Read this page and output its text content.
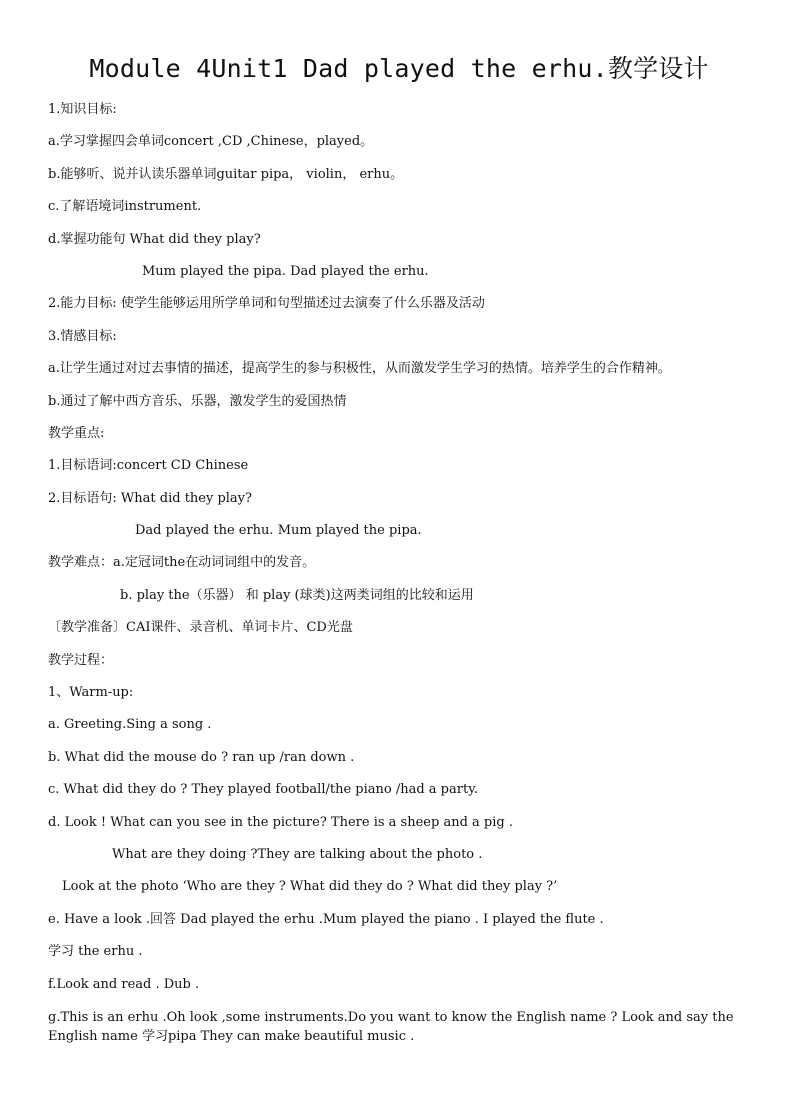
Module 4Unit1 Dad played the erhu.教学设计
1.知识目标:
a.学习掌握四会单词concert ,CD ,Chinese，played。
b.能够听、说并认读乐器单词guitar pipa， violin， erhu。
c.了解语境词instrument.
d.掌握功能句 What did they play?
Mum played the pipa. Dad played the erhu.
2.能力目标: 使学生能够运用所学单词和句型描述过去演奏了什么乐器及活动
3.情感目标:
a.让学生通过对过去事情的描述，提高学生的参与积极性，从而激发学生学习的热情。培养学生的合作精神。
b.通过了解中西方音乐、乐器，激发学生的爱国热情
教学重点:
1.目标语词:concert CD Chinese
2.目标语句: What did they play?
Dad played the erhu. Mum played the pipa.
教学难点：a.定冠词the在动词词组中的发音。
b. play the（乐器） 和 play (球类)这两类词组的比较和运用
〔教学准备〕CAI课件、录音机、单词卡片、CD光盘
教学过程：
1、Warm-up:
a. Greeting.Sing a song .
b. What did the mouse do ? ran up /ran down .
c. What did they do ? They played football/the piano /had a party.
d. Look ! What can you see in the picture? There is a sheep and a pig .
What are they doing ?They are talking about the photo .
Look at the photo ‘Who are they ? What did they do ? What did they play ?’
e. Have a look .回答 Dad played the erhu .Mum played the piano . I played the flute .
学习 the erhu .
f.Look and read . Dub .
g.This is an erhu .Oh look ,some instruments.Do you want to know the English name ? Look and say the English name 学习pipa They can make beautiful music .
